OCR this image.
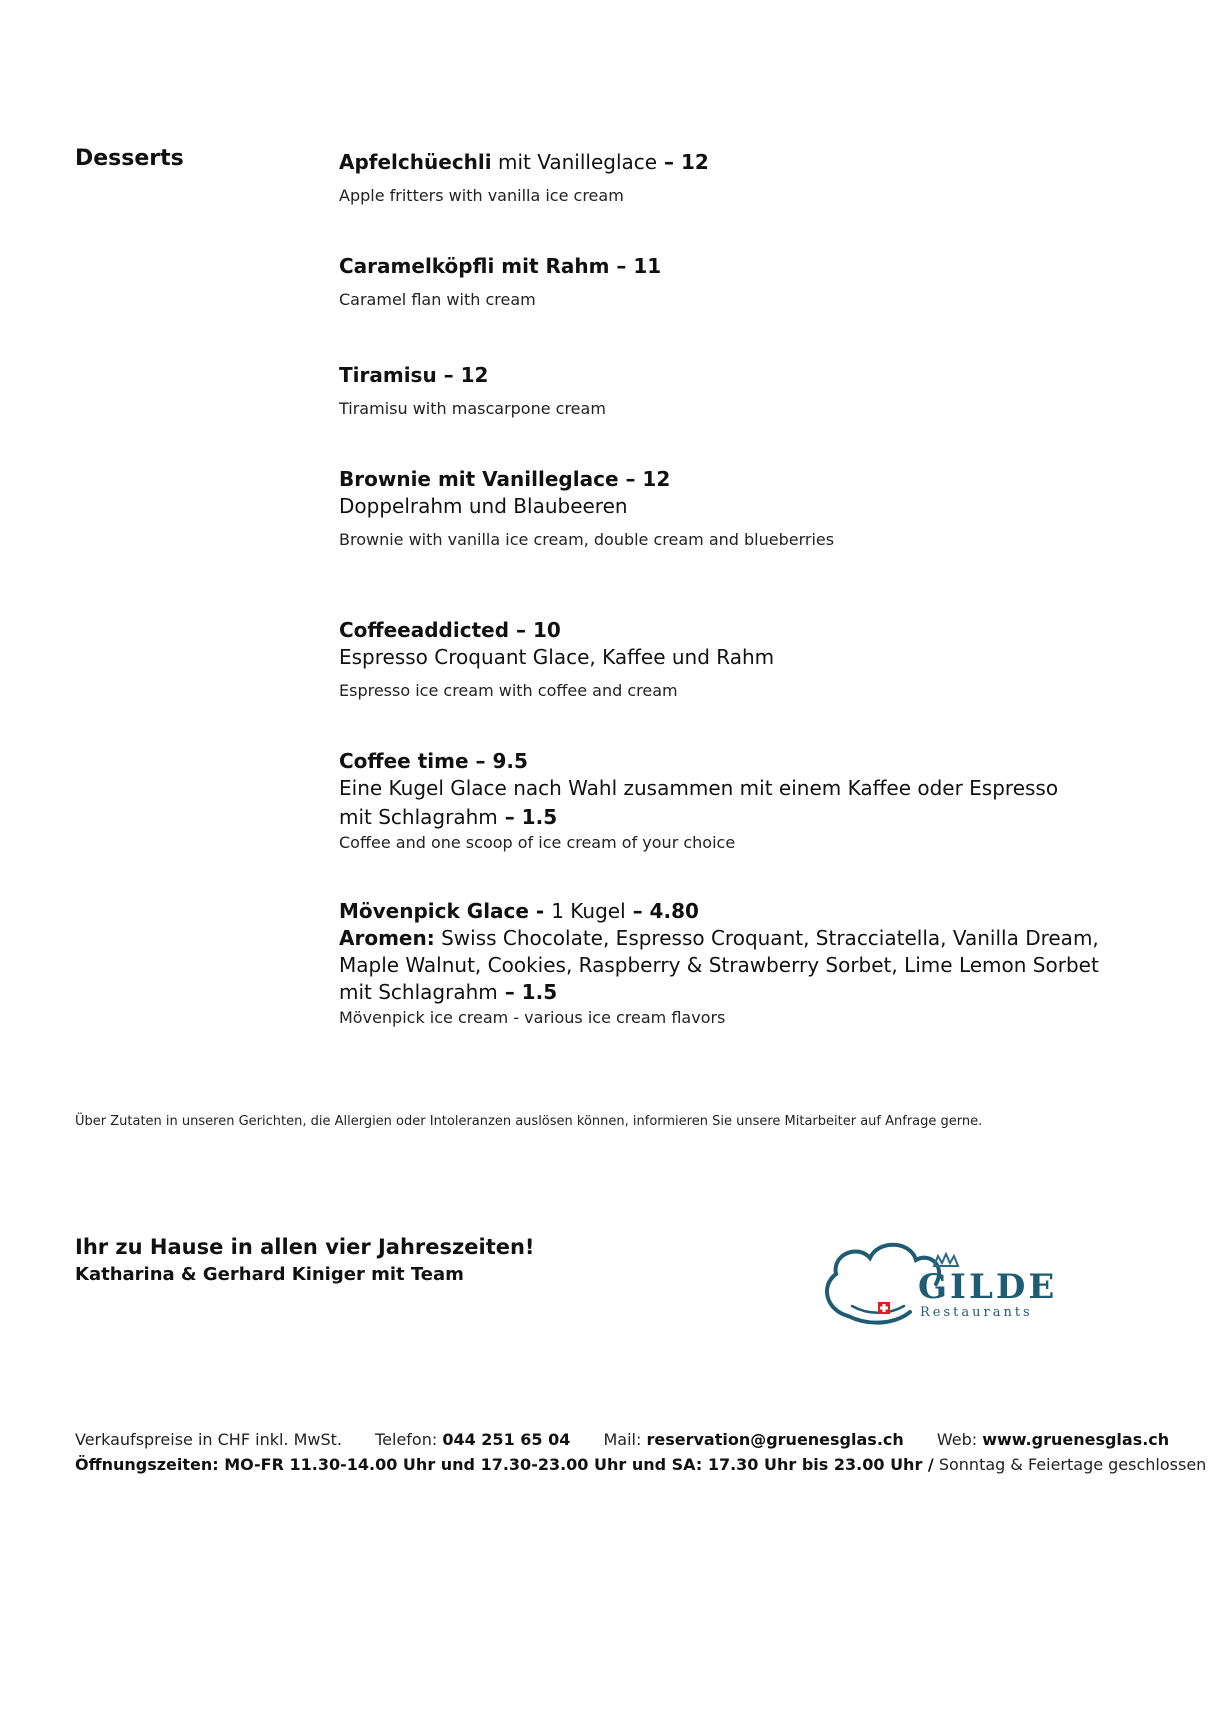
Desserts	Apfelchüechli mit Vanilleglace – 12
Apple fritters with vanilla ice cream
Caramelköpfli mit Rahm – 11
Caramel flan with cream
Tiramisu – 12
Tiramisu with mascarpone cream
Brownie mit Vanilleglace – 12
Doppelrahm und Blaubeeren
Brownie with vanilla ice cream, double cream and blueberries
Coffeeaddicted – 10
Espresso Croquant Glace, Kaffee und Rahm
Espresso ice cream with coffee and cream
Coffee time – 9.5
Eine Kugel Glace nach Wahl zusammen mit einem Kaffee oder Espresso
mit Schlagrahm – 1.5
Coffee and one scoop of ice cream of your choice
Mövenpick Glace - 1 Kugel – 4.80
Aromen: Swiss Chocolate, Espresso Croquant, Stracciatella, Vanilla Dream,
Maple Walnut, Cookies, Raspberry & Strawberry Sorbet, Lime Lemon Sorbet
mit Schlagrahm – 1.5
Mövenpick ice cream - various ice cream flavors
Über Zutaten in unseren Gerichten, die Allergien oder Intoleranzen auslösen können, informieren Sie unsere Mitarbeiter auf Anfrage gerne.
Ihr zu Hause in allen vier Jahreszeiten!
Katharina & Gerhard Kiniger mit Team	GILDE
Restaurants
Verkaufspreise in CHF inkl. MwSt. Telefon: 044 251 65 04 Mail: reservation@gruenesglas.ch Web: www.gruenesglas.ch
Öffnungszeiten: MO-FR 11.30-14.00 Uhr und 17.30-23.00 Uhr und SA: 17.30 Uhr bis 23.00 Uhr / Sonntag & Feiertage geschlossen
